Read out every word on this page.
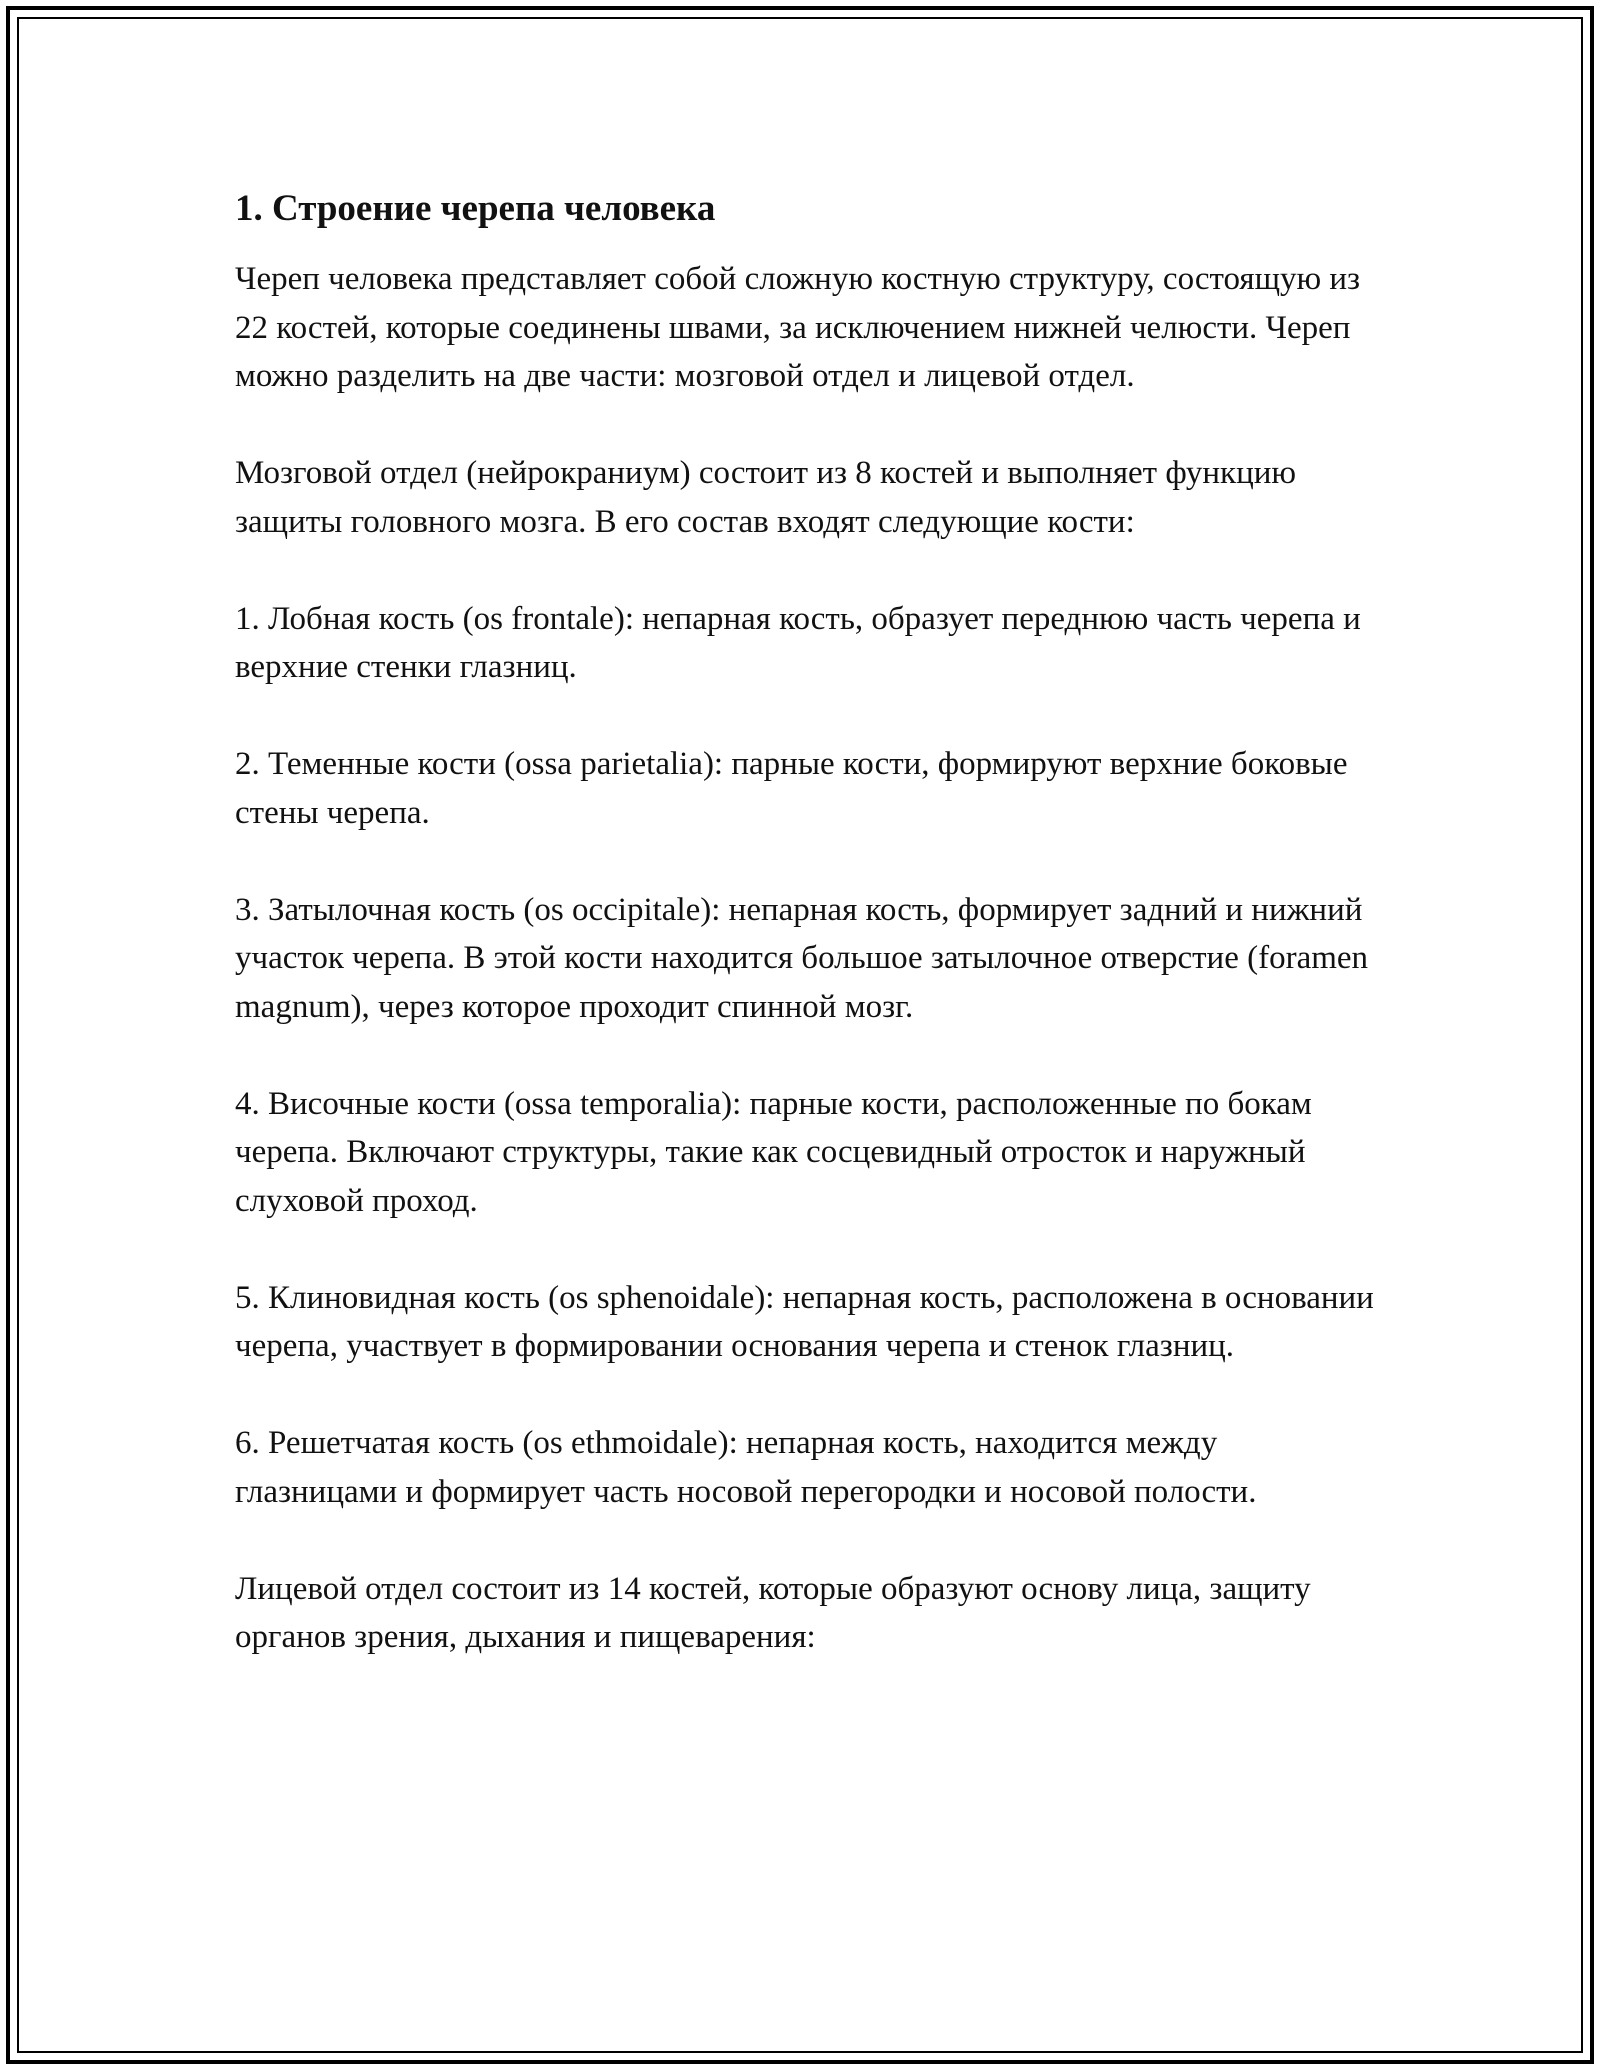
1. Строение черепа человека

Череп человека представляет собой сложную костную структуру, состоящую из 22 костей, которые соединены швами, за исключением нижней челюсти. Череп можно разделить на две части: мозговой отдел и лицевой отдел.

Мозговой отдел (нейрокраниум) состоит из 8 костей и выполняет функцию защиты головного мозга. В его состав входят следующие кости:

1. Лобная кость (os frontale): непарная кость, образует переднюю часть черепа и верхние стенки глазниц.

2. Теменные кости (ossa parietalia): парные кости, формируют верхние боковые стены черепа.

3. Затылочная кость (os occipitale): непарная кость, формирует задний и нижний участок черепа. В этой кости находится большое затылочное отверстие (foramen magnum), через которое проходит спинной мозг.

4. Височные кости (ossa temporalia): парные кости, расположенные по бокам черепа. Включают структуры, такие как сосцевидный отросток и наружный слуховой проход.

5. Клиновидная кость (os sphenoidale): непарная кость, расположена в основании черепа, участвует в формировании основания черепа и стенок глазниц.

6. Решетчатая кость (os ethmoidale): непарная кость, находится между глазницами и формирует часть носовой перегородки и носовой полости.

Лицевой отдел состоит из 14 костей, которые образуют основу лица, защиту органов зрения, дыхания и пищеварения:
